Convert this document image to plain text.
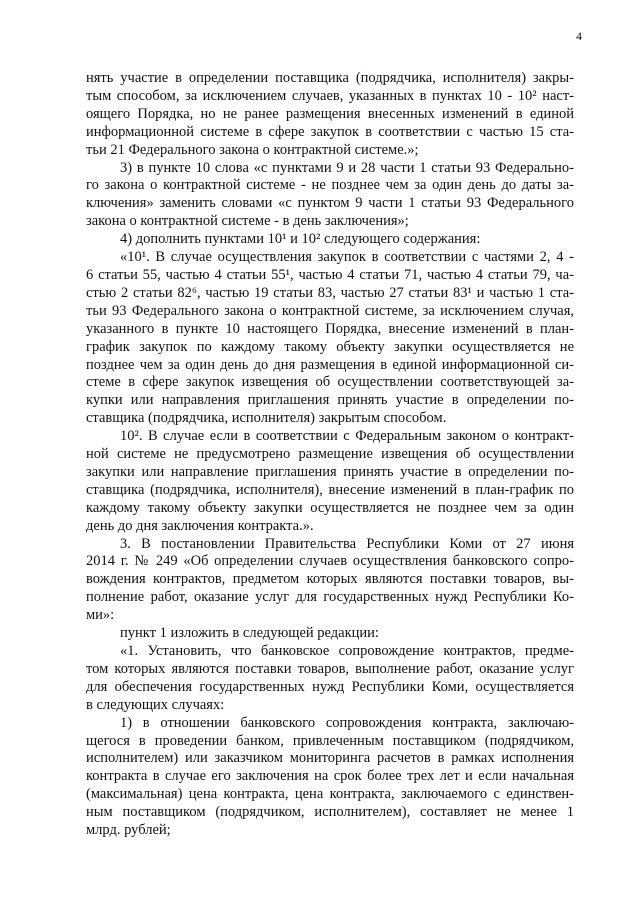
4
нять участие в определении поставщика (подрядчика, исполнителя) закры-
тым способом, за исключением случаев, указанных в пунктах 10 - 10² наст-
оящего Порядка, но не ранее размещения внесенных изменений в единой
информационной системе в сфере закупок в соответствии с частью 15 ста-
тьи 21 Федерального закона о контрактной системе.»;
3) в пункте 10 слова «с пунктами 9 и 28 части 1 статьи 93 Федерально-
го закона о контрактной системе - не позднее чем за один день до даты за-
ключения» заменить словами «с пунктом 9 части 1 статьи 93 Федерального
закона о контрактной системе - в день заключения»;
4) дополнить пунктами 10¹ и 10² следующего содержания:
«10¹. В случае осуществления закупок в соответствии с частями 2, 4 -
6 статьи 55, частью 4 статьи 55¹, частью 4 статьи 71, частью 4 статьи 79, ча-
стью 2 статьи 82⁶, частью 19 статьи 83, частью 27 статьи 83¹ и частью 1 ста-
тьи 93 Федерального закона о контрактной системе, за исключением случая,
указанного в пункте 10 настоящего Порядка, внесение изменений в план-
график закупок по каждому такому объекту закупки осуществляется не
позднее чем за один день до дня размещения в единой информационной си-
стеме в сфере закупок извещения об осуществлении соответствующей за-
купки или направления приглашения принять участие в определении по-
ставщика (подрядчика, исполнителя) закрытым способом.
10². В случае если в соответствии с Федеральным законом о контракт-
ной системе не предусмотрено размещение извещения об осуществлении
закупки или направление приглашения принять участие в определении по-
ставщика (подрядчика, исполнителя), внесение изменений в план-график по
каждому такому объекту закупки осуществляется не позднее чем за один
день до дня заключения контракта.».
3. В постановлении Правительства Республики Коми от 27 июня
2014 г. № 249 «Об определении случаев осуществления банковского сопро-
вождения контрактов, предметом которых являются поставки товаров, вы-
полнение работ, оказание услуг для государственных нужд Республики Ко-
ми»:
пункт 1 изложить в следующей редакции:
«1. Установить, что банковское сопровождение контрактов, предме-
том которых являются поставки товаров, выполнение работ, оказание услуг
для обеспечения государственных нужд Республики Коми, осуществляется
в следующих случаях:
1) в отношении банковского сопровождения контракта, заключаю-
щегося в проведении банком, привлеченным поставщиком (подрядчиком,
исполнителем) или заказчиком мониторинга расчетов в рамках исполнения
контракта в случае его заключения на срок более трех лет и если начальная
(максимальная) цена контракта, цена контракта, заключаемого с единствен-
ным поставщиком (подрядчиком, исполнителем), составляет не менее 1
млрд. рублей;
